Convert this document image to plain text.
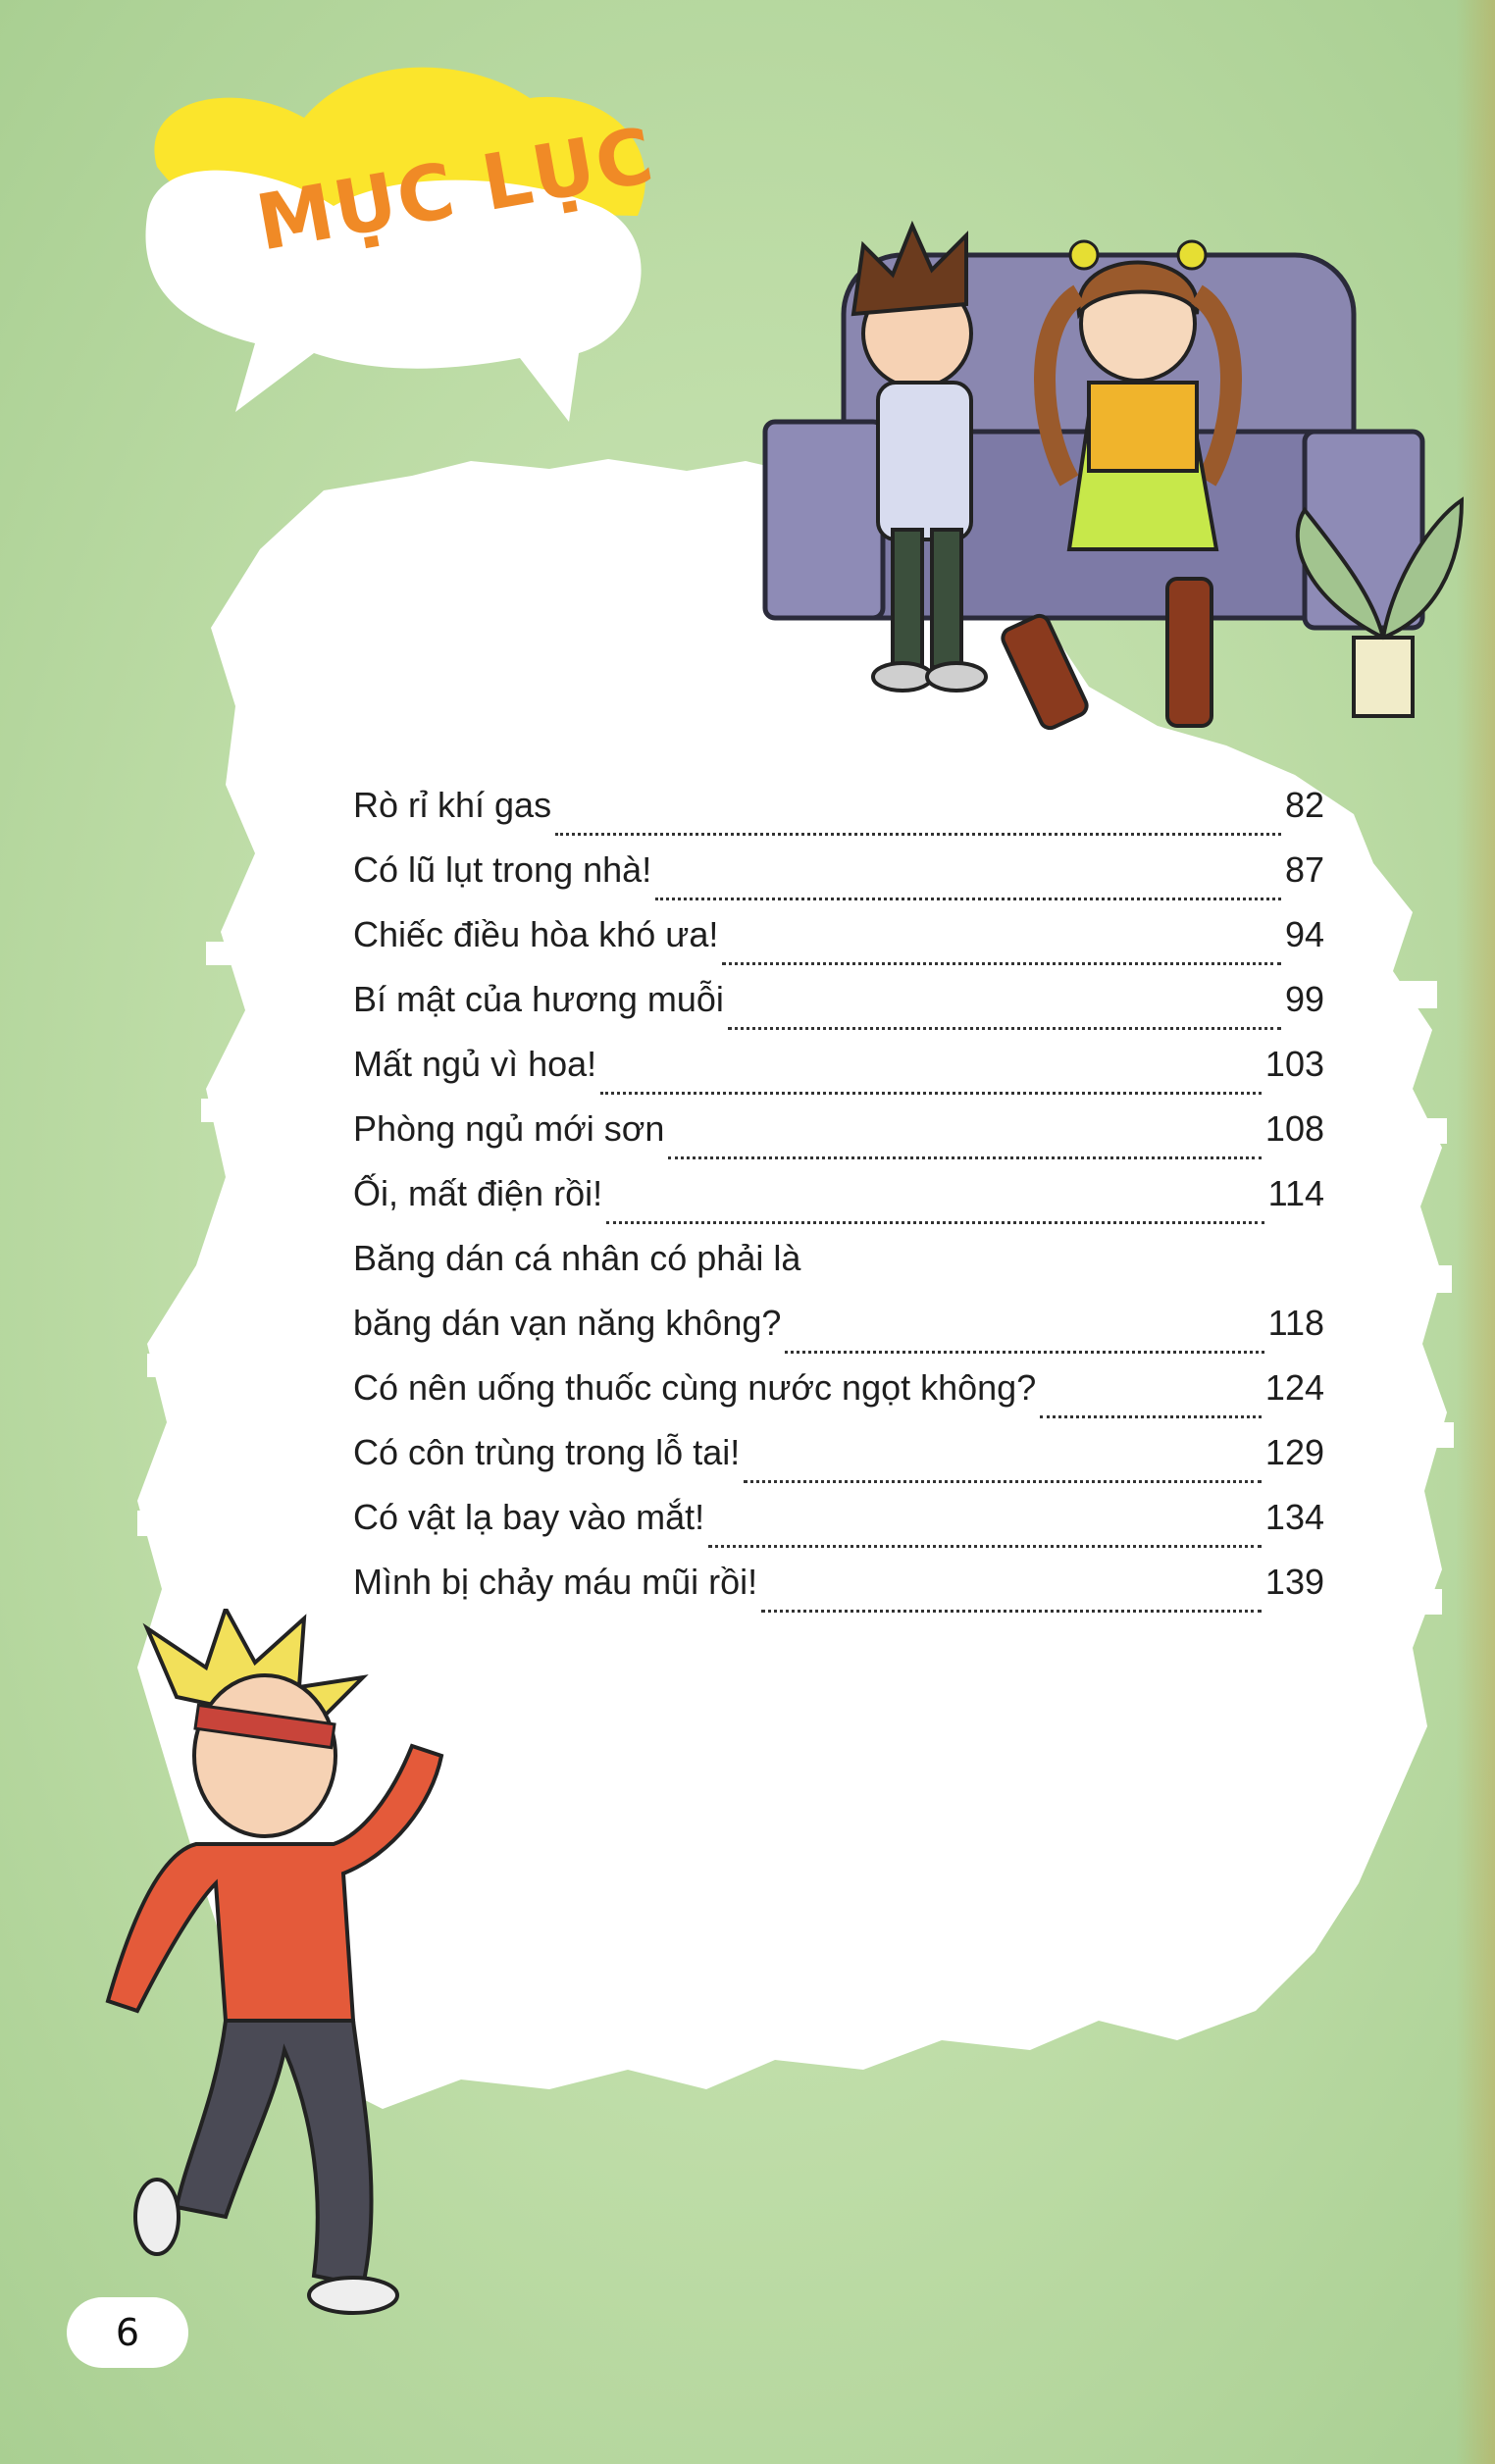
MỤC LỤC
Rò rỉ khí gas	82
Có lũ lụt trong nhà!	87
Chiếc điều hòa khó ưa!	94
Bí mật của hương muỗi	99
Mất ngủ vì hoa!	103
Phòng ngủ mới sơn	108
Ối, mất điện rồi!	114
Băng dán cá nhân có phải là
băng dán vạn năng không?	118
Có nên uống thuốc cùng nước ngọt không?	124
Có côn trùng trong lỗ tai!	129
Có vật lạ bay vào mắt!	134
Mình bị chảy máu mũi rồi!	139
6
